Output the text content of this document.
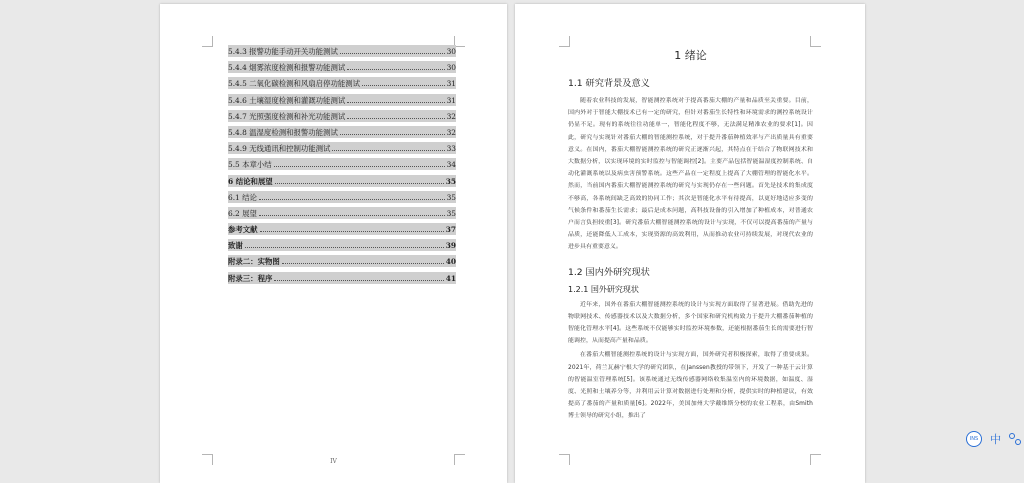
5.4.3 报警功能手动开关功能测试	30
5.4.4 烟雾浓度检测和报警功能测试	30
5.4.5 二氧化碳检测和风扇启停功能测试	31
5.4.6 土壤湿度检测和灌溉功能测试	31
5.4.7 光照强度检测和补光功能测试	32
5.4.8 温湿度检测和报警功能测试	32
5.4.9 无线通讯和控制功能测试	33
5.5 本章小结	34
6 结论和展望	35
6.1 结论	35
6.2 展望	35
参考文献	37
致谢	39
附录二：实物图	40
附录三：程序	41
IV
1 绪论
1.1 研究背景及意义

随着农业科技的发展，智能测控系统对于提高番茄大棚的产量和品质至关重要。目前，国内外对于智能大棚技术已有一定的研究，但针对番茄生长特性和环境需求的测控系统设计仍显不足。现有的系统往往功能单一，智能化程度不够，无法满足精准农业的要求[1]。因此，研究与实现针对番茄大棚的智能测控系统，对于提升番茄种植效率与产出质量具有重要意义。在国内，番茄大棚智能测控系统的研究正逐渐兴起，其特点在于结合了物联网技术和大数据分析，以实现环境的实时监控与智能调控[2]。主要产品包括智能温湿度控制系统、自动化灌溉系统以及病虫害预警系统。这些产品在一定程度上提高了大棚管理的智能化水平。然而，当前国内番茄大棚智能测控系统的研究与实现仍存在一些问题。首先是技术的集成度不够高，各系统间缺乏高效的协同工作；其次是智能化水平有待提高，以更好地适应多变的气候条件和番茄生长需求；最后是成本问题，高科技设备的引入增加了种植成本，对普通农户而言负担较重[3]。研究番茄大棚智能测控系统的设计与实现，不仅可以提高番茄的产量与品质，还能降低人工成本，实现资源的高效利用，从而推动农业可持续发展，对现代农业的进步具有重要意义。

1.2 国内外研究现状
1.2.1 国外研究现状

近年来，国外在番茄大棚智能测控系统的设计与实现方面取得了显著进展。借助先进的物联网技术、传感器技术以及大数据分析，多个国家和研究机构致力于提升大棚番茄种植的智能化管理水平[4]。这些系统不仅能够实时监控环境参数，还能根据番茄生长的需要进行智能调控，从而提高产量和品质。

在番茄大棚智能测控系统的设计与实现方面，国外研究者积极探索，取得了重要成果。2021年，荷兰瓦赫宁根大学的研究团队，在Janssen教授的带领下，开发了一种基于云计算的智能温室管理系统[5]。该系统通过无线传感器网络收集温室内的环境数据，如温度、湿度、光照和土壤养分等，并利用云计算对数据进行处理和分析，提供实时的种植建议，有效提高了番茄的产量和质量[6]。2022年，美国加州大学戴维斯分校的农业工程系，由Smith博士领导的研究小组，推出了

INS	中
